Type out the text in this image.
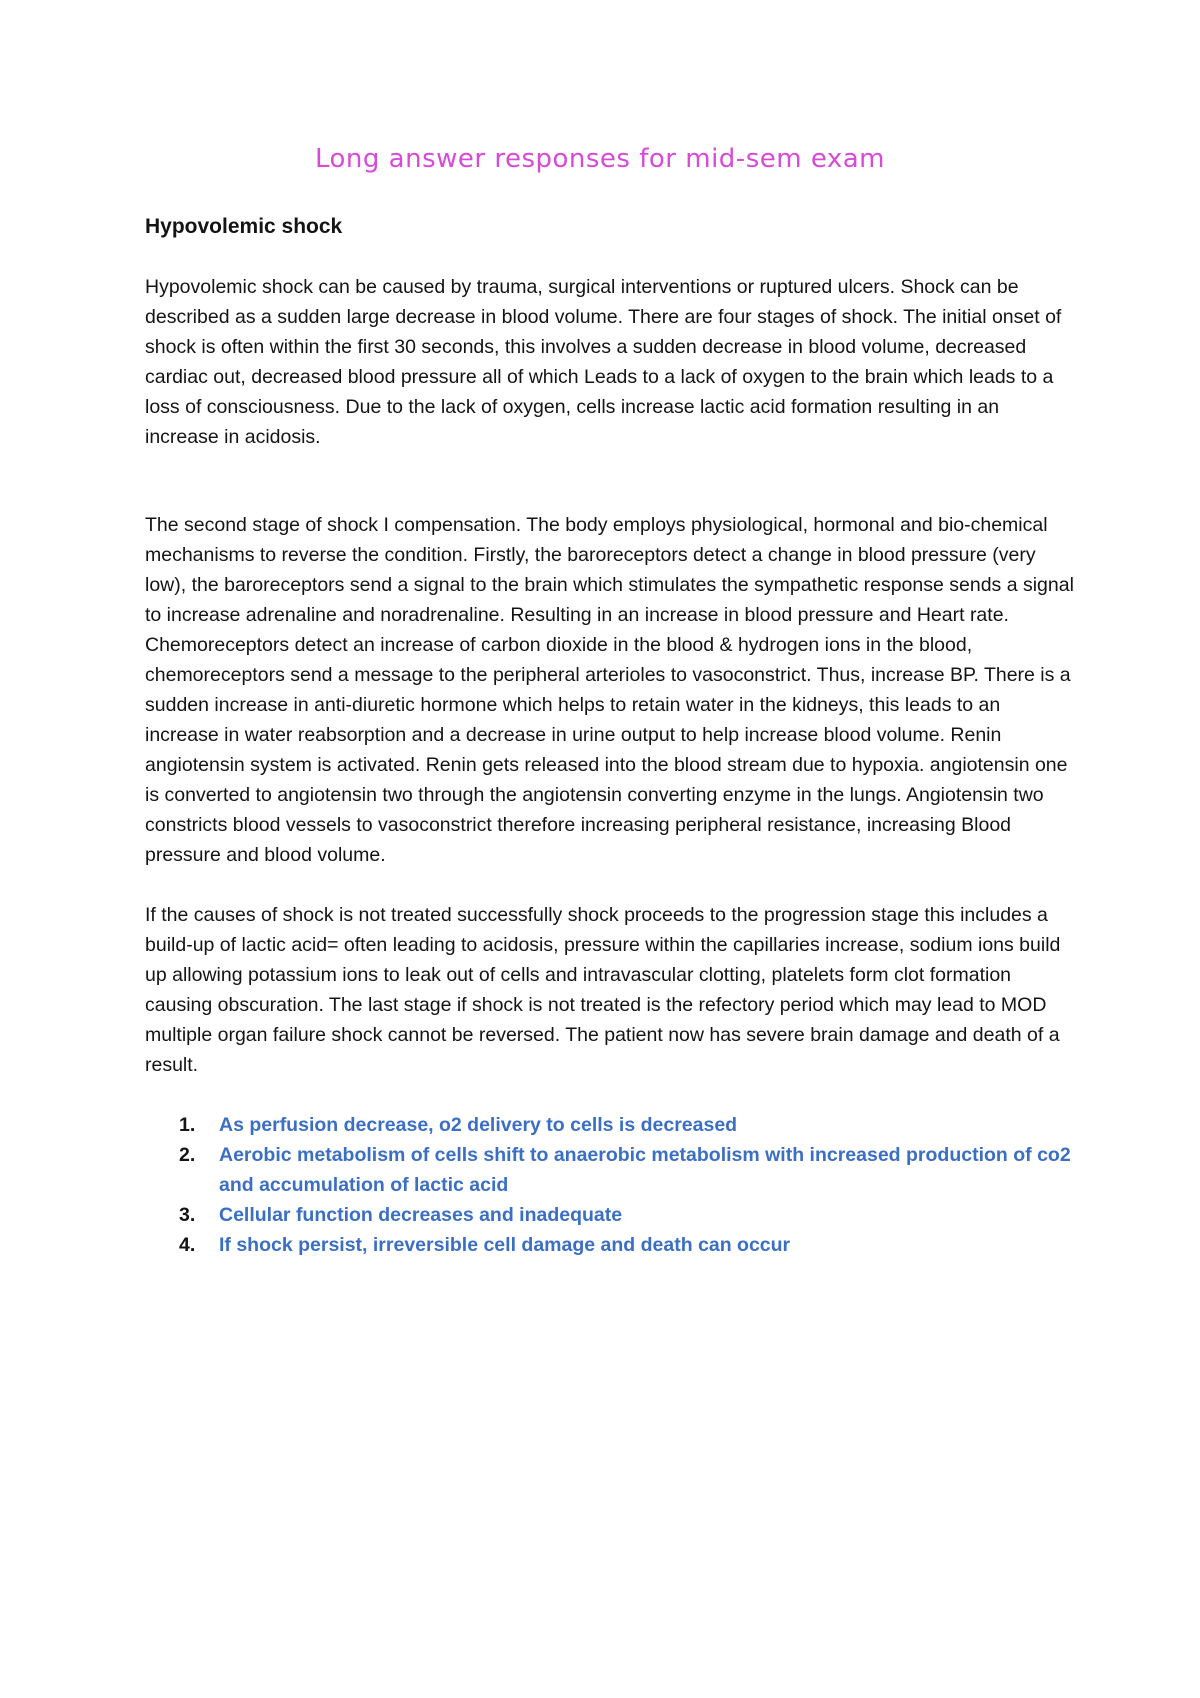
Long answer responses for mid-sem exam
Hypovolemic shock

Hypovolemic shock can be caused by trauma, surgical interventions or ruptured ulcers. Shock can be described as a sudden large decrease in blood volume. There are four stages of shock. The initial onset of shock is often within the first 30 seconds, this involves a sudden decrease in blood volume, decreased cardiac out, decreased blood pressure all of which Leads to a lack of oxygen to the brain which leads to a loss of consciousness. Due to the lack of oxygen, cells increase lactic acid formation resulting in an increase in acidosis.

The second stage of shock I compensation. The body employs physiological, hormonal and bio-chemical mechanisms to reverse the condition. Firstly, the baroreceptors detect a change in blood pressure (very low), the baroreceptors send a signal to the brain which stimulates the sympathetic response sends a signal to increase adrenaline and noradrenaline. Resulting in an increase in blood pressure and Heart rate. Chemoreceptors detect an increase of carbon dioxide in the blood & hydrogen ions in the blood, chemoreceptors send a message to the peripheral arterioles to vasoconstrict. Thus, increase BP. There is a sudden increase in anti-diuretic hormone which helps to retain water in the kidneys, this leads to an increase in water reabsorption and a decrease in urine output to help increase blood volume. Renin angiotensin system is activated. Renin gets released into the blood stream due to hypoxia. angiotensin one is converted to angiotensin two through the angiotensin converting enzyme in the lungs. Angiotensin two constricts blood vessels to vasoconstrict therefore increasing peripheral resistance, increasing Blood pressure and blood volume.

If the causes of shock is not treated successfully shock proceeds to the progression stage this includes a build-up of lactic acid= often leading to acidosis, pressure within the capillaries increase, sodium ions build up allowing potassium ions to leak out of cells and intravascular clotting, platelets form clot formation causing obscuration. The last stage if shock is not treated is the refectory period which may lead to MOD multiple organ failure shock cannot be reversed. The patient now has severe brain damage and death of a result.

1.	As perfusion decrease, o2 delivery to cells is decreased
2.	Aerobic metabolism of cells shift to anaerobic metabolism with increased production of co2 and accumulation of lactic acid
3.	Cellular function decreases and inadequate
4.	If shock persist, irreversible cell damage and death can occur
